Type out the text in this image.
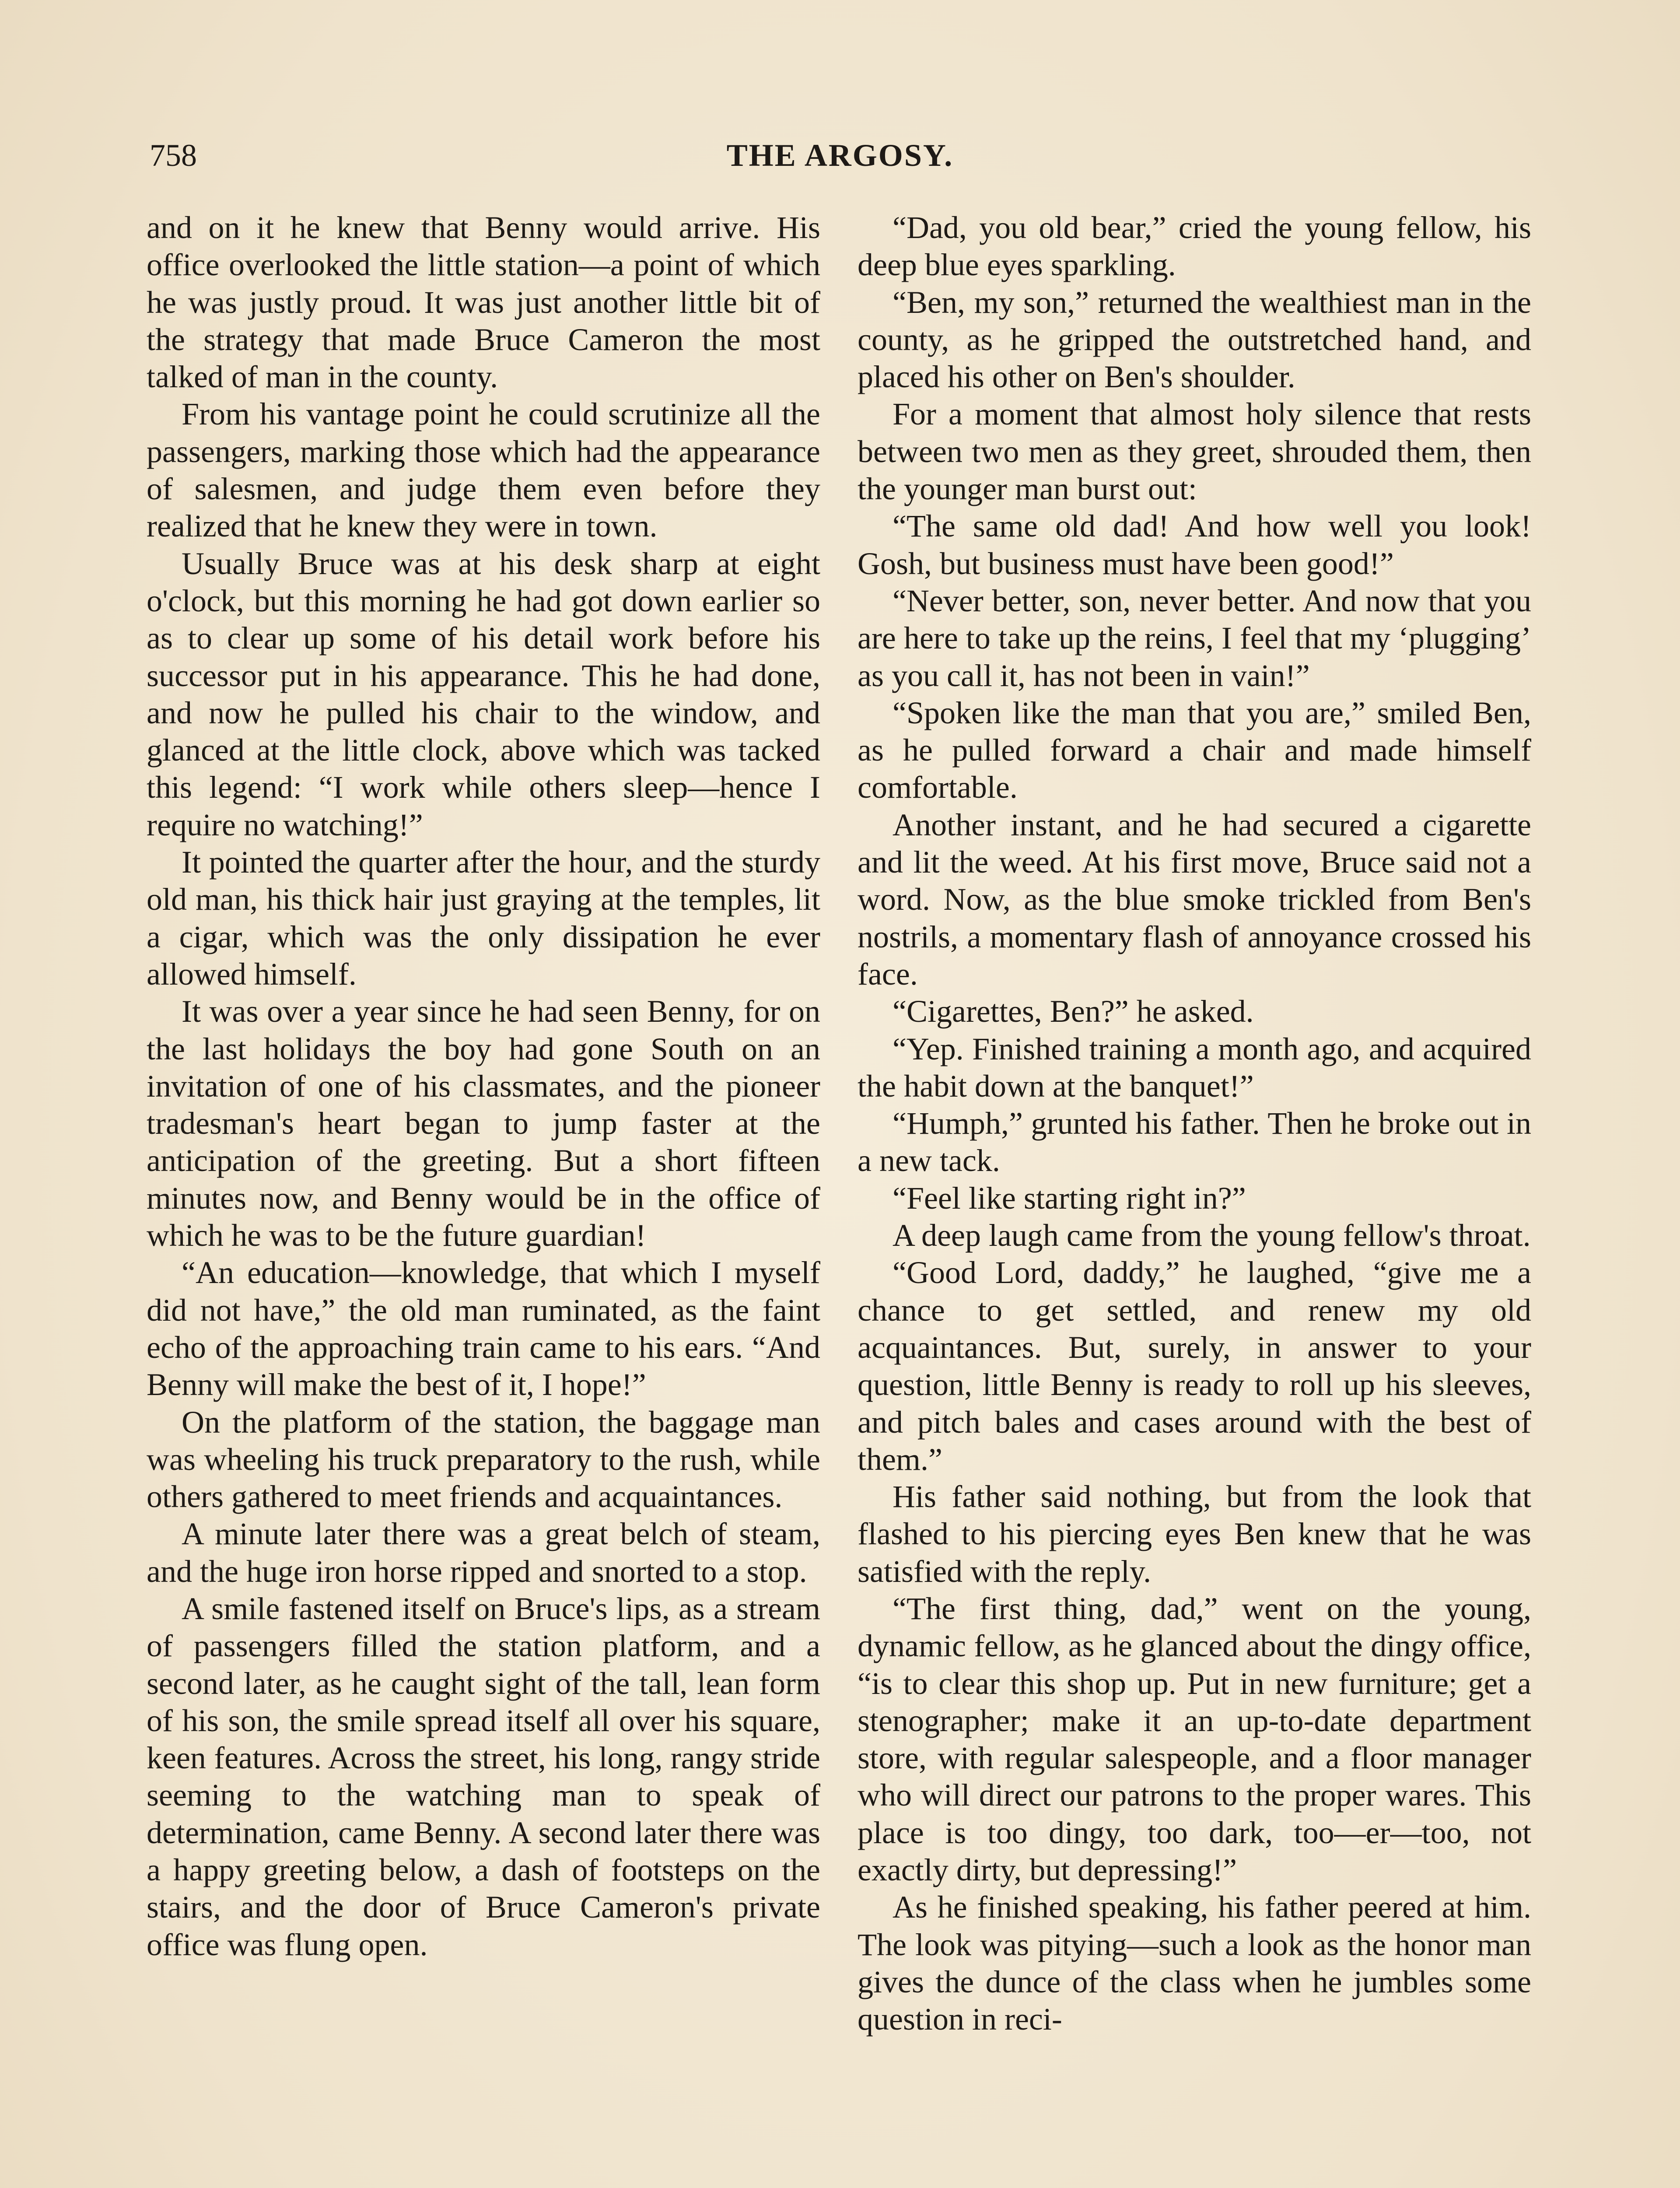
758	THE ARGOSY.

and on it he knew that Benny would arrive. His office overlooked the little station—a point of which he was justly proud. It was just another little bit of the strategy that made Bruce Cameron the most talked of man in the county.

From his vantage point he could scrutinize all the passengers, marking those which had the appearance of salesmen, and judge them even before they realized that he knew they were in town.

Usually Bruce was at his desk sharp at eight o'clock, but this morning he had got down earlier so as to clear up some of his detail work before his successor put in his appearance. This he had done, and now he pulled his chair to the window, and glanced at the little clock, above which was tacked this legend: “I work while others sleep—hence I require no watching!”

It pointed the quarter after the hour, and the sturdy old man, his thick hair just graying at the temples, lit a cigar, which was the only dissipation he ever allowed himself.

It was over a year since he had seen Benny, for on the last holidays the boy had gone South on an invitation of one of his classmates, and the pioneer tradesman's heart began to jump faster at the anticipation of the greeting. But a short fifteen minutes now, and Benny would be in the office of which he was to be the future guardian!

“An education—knowledge, that which I myself did not have,” the old man ruminated, as the faint echo of the approaching train came to his ears. “And Benny will make the best of it, I hope!”

On the platform of the station, the baggage man was wheeling his truck preparatory to the rush, while others gathered to meet friends and acquaintances.

A minute later there was a great belch of steam, and the huge iron horse ripped and snorted to a stop.

A smile fastened itself on Bruce's lips, as a stream of passengers filled the station platform, and a second later, as he caught sight of the tall, lean form of his son, the smile spread itself all over his square, keen features. Across the street, his long, rangy stride seeming to the watching man to speak of determination, came Benny. A second later there was a happy greeting below, a dash of footsteps on the stairs, and the door of Bruce Cameron's private office was flung open.

“Dad, you old bear,” cried the young fellow, his deep blue eyes sparkling.

“Ben, my son,” returned the wealthiest man in the county, as he gripped the outstretched hand, and placed his other on Ben's shoulder.

For a moment that almost holy silence that rests between two men as they greet, shrouded them, then the younger man burst out:

“The same old dad! And how well you look! Gosh, but business must have been good!”

“Never better, son, never better. And now that you are here to take up the reins, I feel that my ‘plugging’ as you call it, has not been in vain!”

“Spoken like the man that you are,” smiled Ben, as he pulled forward a chair and made himself comfortable.

Another instant, and he had secured a cigarette and lit the weed. At his first move, Bruce said not a word. Now, as the blue smoke trickled from Ben's nostrils, a momentary flash of annoyance crossed his face.

“Cigarettes, Ben?” he asked.

“Yep. Finished training a month ago, and acquired the habit down at the banquet!”

“Humph,” grunted his father. Then he broke out in a new tack.

“Feel like starting right in?”

A deep laugh came from the young fellow's throat.

“Good Lord, daddy,” he laughed, “give me a chance to get settled, and renew my old acquaintances. But, surely, in answer to your question, little Benny is ready to roll up his sleeves, and pitch bales and cases around with the best of them.”

His father said nothing, but from the look that flashed to his piercing eyes Ben knew that he was satisfied with the reply.

“The first thing, dad,” went on the young, dynamic fellow, as he glanced about the dingy office, “is to clear this shop up. Put in new furniture; get a stenographer; make it an up-to-date department store, with regular salespeople, and a floor manager who will direct our patrons to the proper wares. This place is too dingy, too dark, too—er—too, not exactly dirty, but depressing!”

As he finished speaking, his father peered at him. The look was pitying—such a look as the honor man gives the dunce of the class when he jumbles some question in reci-
